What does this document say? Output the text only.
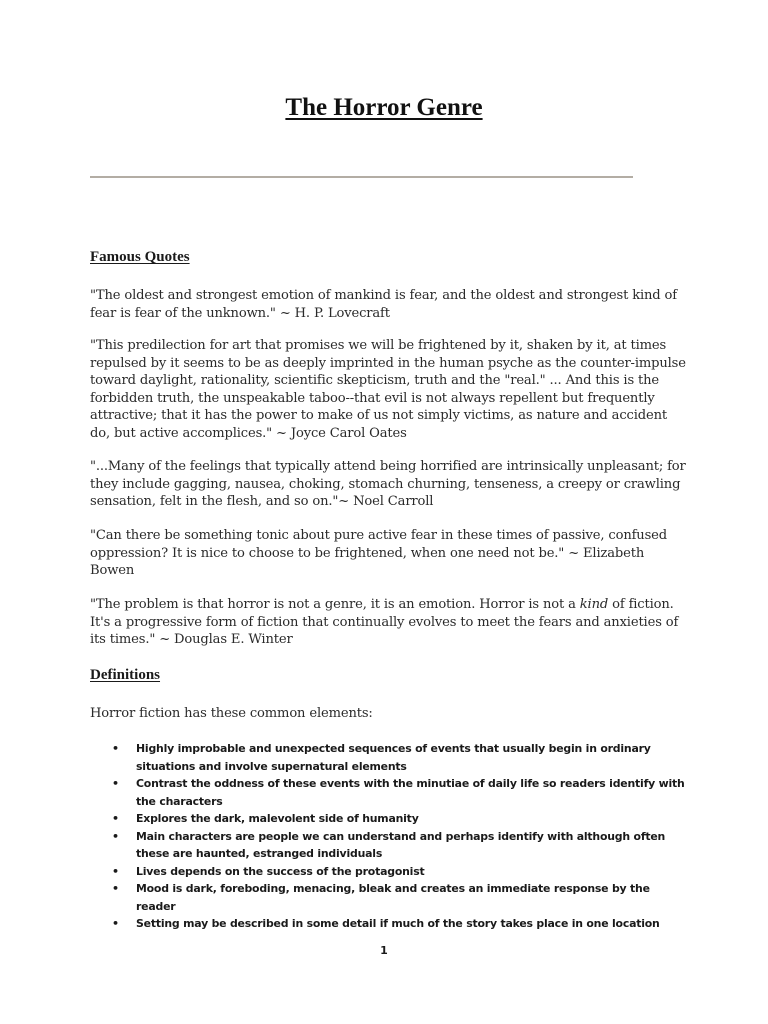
The Horror Genre
Famous Quotes
"The oldest and strongest emotion of mankind is fear, and the oldest and strongest kind of fear is fear of the unknown." ~ H. P. Lovecraft
"This predilection for art that promises we will be frightened by it, shaken by it, at times repulsed by it seems to be as deeply imprinted in the human psyche as the counter-impulse toward daylight, rationality, scientific skepticism, truth and the "real." ... And this is the forbidden truth, the unspeakable taboo--that evil is not always repellent but frequently attractive; that it has the power to make of us not simply victims, as nature and accident do, but active accomplices." ~ Joyce Carol Oates
"...Many of the feelings that typically attend being horrified are intrinsically unpleasant; for they include gagging, nausea, choking, stomach churning, tenseness, a creepy or crawling sensation, felt in the flesh, and so on."~ Noel Carroll
"Can there be something tonic about pure active fear in these times of passive, confused oppression? It is nice to choose to be frightened, when one need not be." ~ Elizabeth Bowen
"The problem is that horror is not a genre, it is an emotion. Horror is not a kind of fiction. It's a progressive form of fiction that continually evolves to meet the fears and anxieties of its times." ~ Douglas E. Winter
Definitions
Horror fiction has these common elements:
• Highly improbable and unexpected sequences of events that usually begin in ordinary situations and involve supernatural elements
• Contrast the oddness of these events with the minutiae of daily life so readers identify with the characters
• Explores the dark, malevolent side of humanity
• Main characters are people we can understand and perhaps identify with although often these are haunted, estranged individuals
• Lives depends on the success of the protagonist
• Mood is dark, foreboding, menacing, bleak and creates an immediate response by the reader
• Setting may be described in some detail if much of the story takes place in one location
1
